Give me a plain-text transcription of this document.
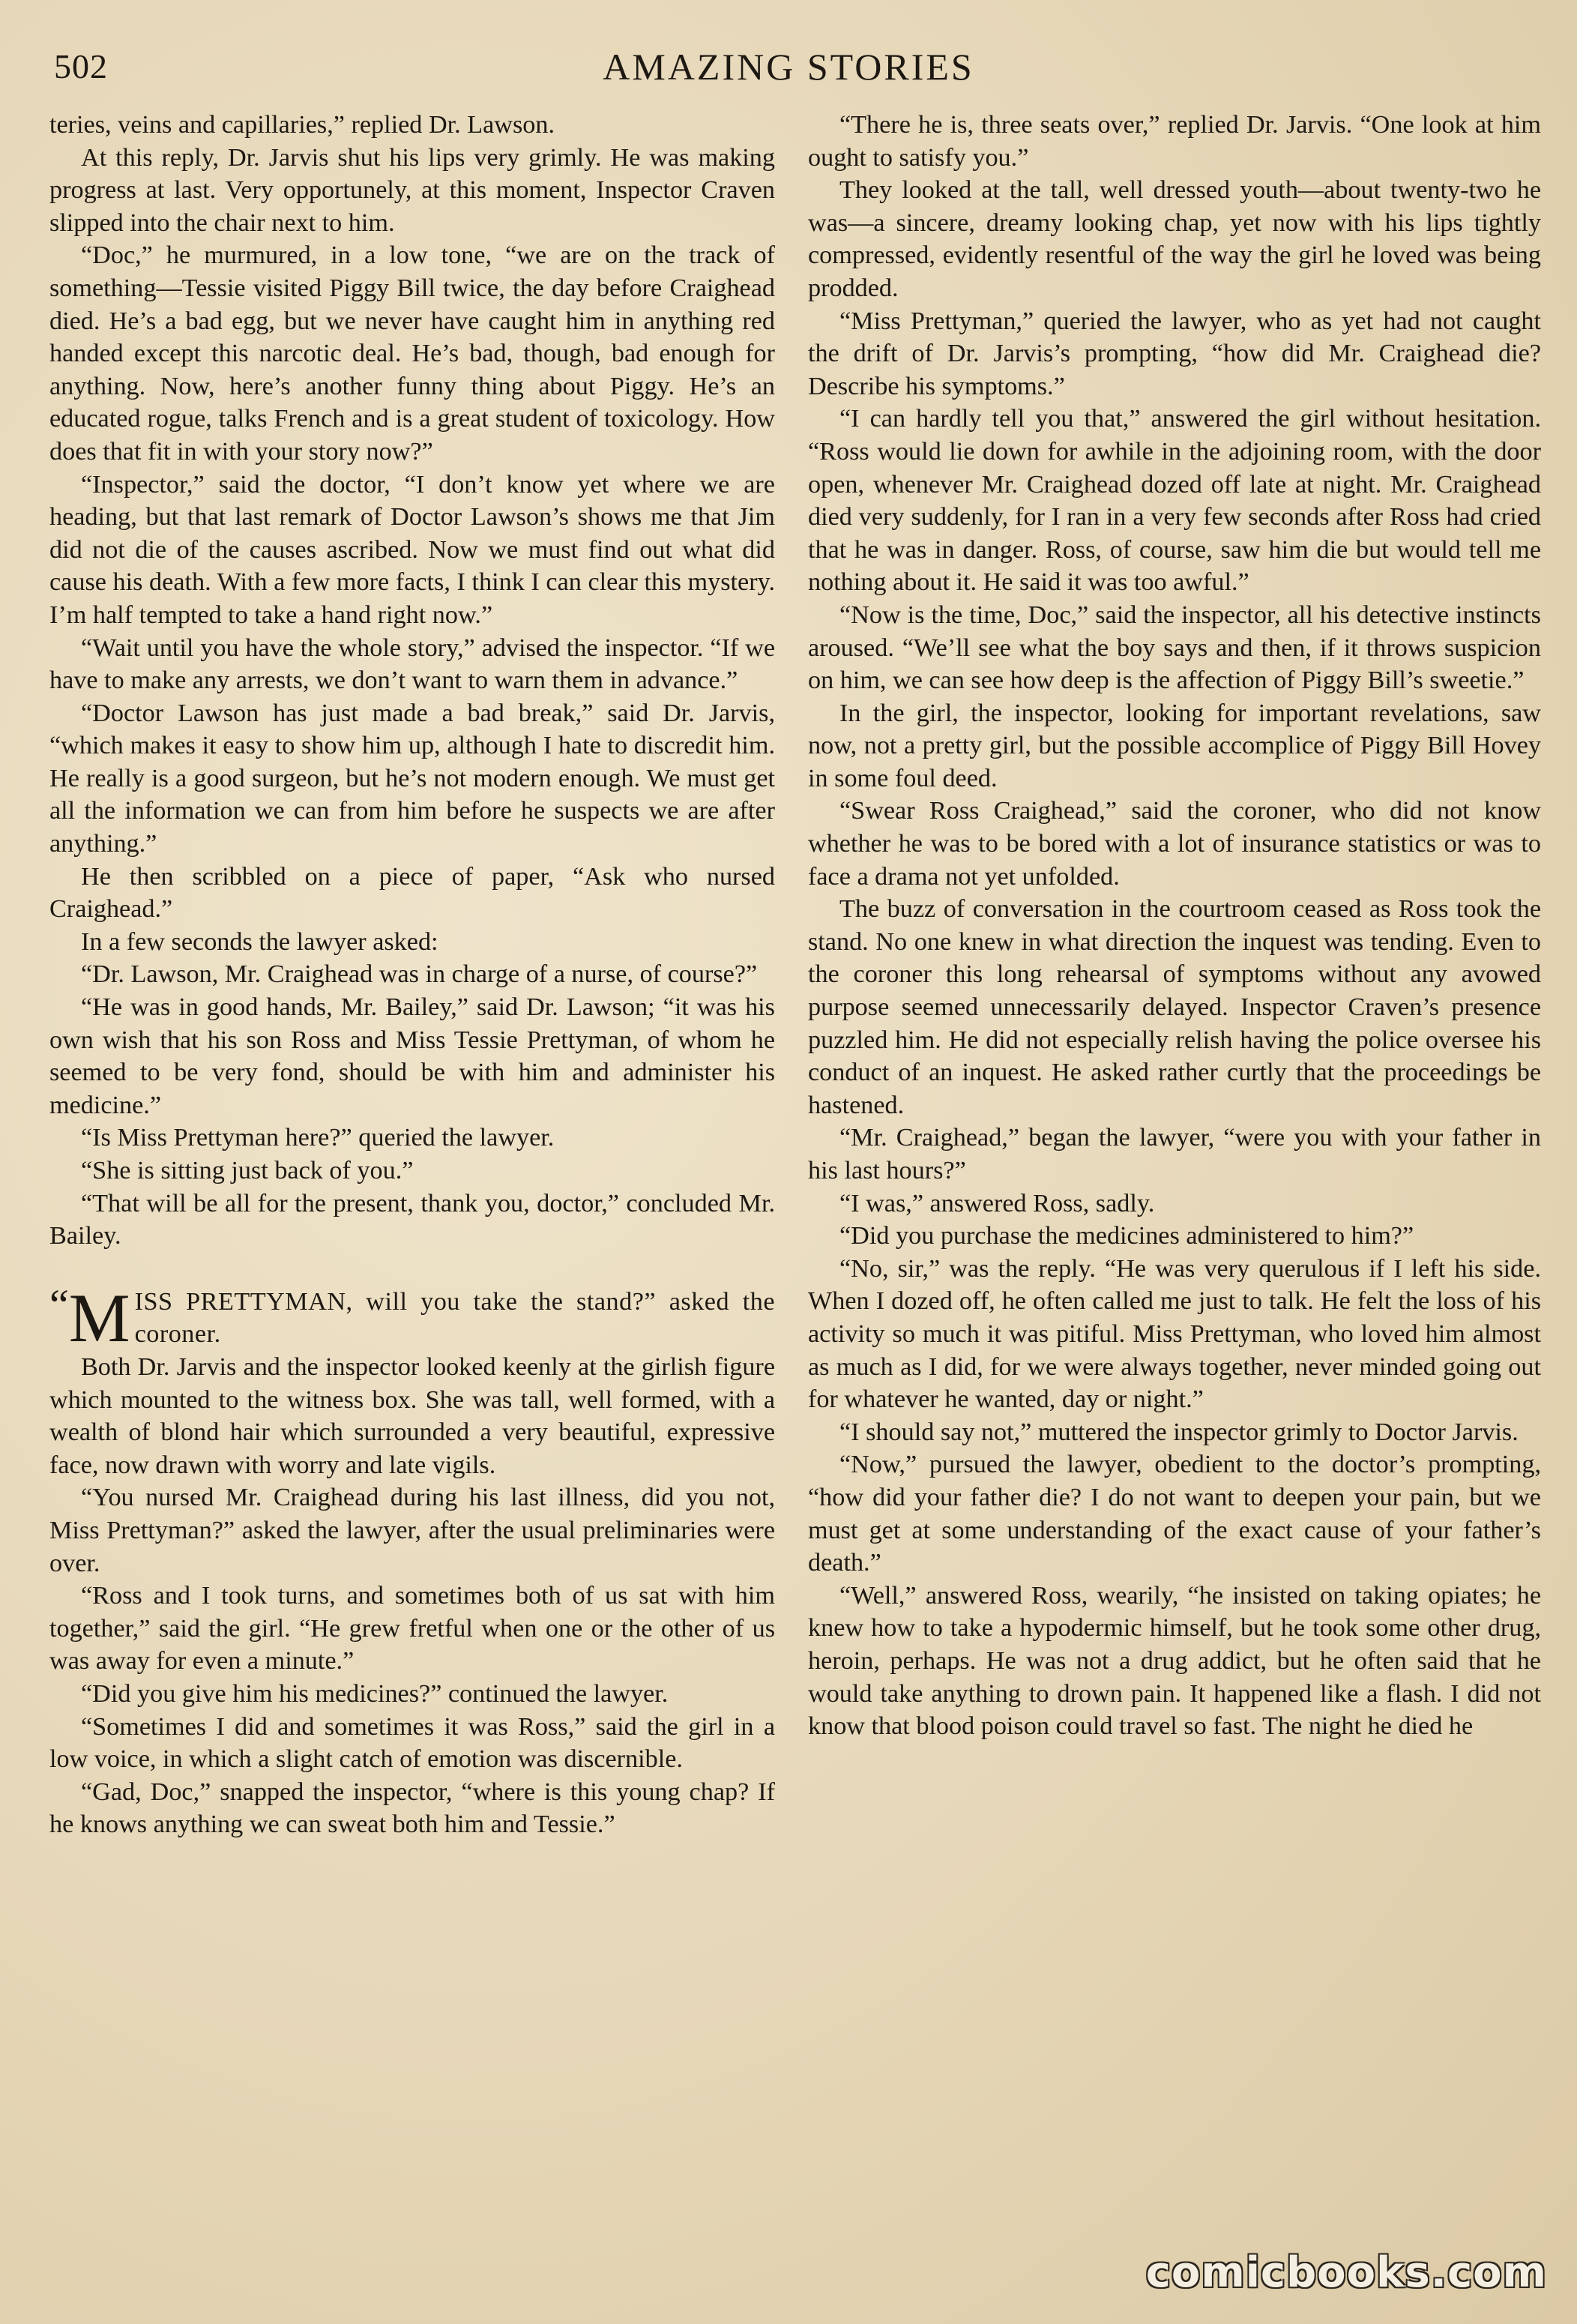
502	AMAZING STORIES

teries, veins and capillaries,” replied Dr. Lawson.

At this reply, Dr. Jarvis shut his lips very grimly. He was making progress at last. Very opportunely, at this moment, Inspector Craven slipped into the chair next to him.

“Doc,” he murmured, in a low tone, “we are on the track of something—Tessie visited Piggy Bill twice, the day before Craighead died. He’s a bad egg, but we never have caught him in anything red handed except this narcotic deal. He’s bad, though, bad enough for anything. Now, here’s another funny thing about Piggy. He’s an educated rogue, talks French and is a great student of toxicology. How does that fit in with your story now?”

“Inspector,” said the doctor, “I don’t know yet where we are heading, but that last remark of Doctor Lawson’s shows me that Jim did not die of the causes ascribed. Now we must find out what did cause his death. With a few more facts, I think I can clear this mystery. I’m half tempted to take a hand right now.”

“Wait until you have the whole story,” advised the inspector. “If we have to make any arrests, we don’t want to warn them in advance.”

“Doctor Lawson has just made a bad break,” said Dr. Jarvis, “which makes it easy to show him up, although I hate to discredit him. He really is a good surgeon, but he’s not modern enough. We must get all the information we can from him before he suspects we are after anything.”

He then scribbled on a piece of paper, “Ask who nursed Craighead.”

In a few seconds the lawyer asked:

“Dr. Lawson, Mr. Craighead was in charge of a nurse, of course?”

“He was in good hands, Mr. Bailey,” said Dr. Lawson; “it was his own wish that his son Ross and Miss Tessie Prettyman, of whom he seemed to be very fond, should be with him and administer his medicine.”

“Is Miss Prettyman here?” queried the lawyer.

“She is sitting just back of you.”

“That will be all for the present, thank you, doctor,” concluded Mr. Bailey.

“M ISS PRETTYMAN, will you take the stand?” asked the coroner.

Both Dr. Jarvis and the inspector looked keenly at the girlish figure which mounted to the witness box. She was tall, well formed, with a wealth of blond hair which surrounded a very beautiful, expressive face, now drawn with worry and late vigils.

“You nursed Mr. Craighead during his last illness, did you not, Miss Prettyman?” asked the lawyer, after the usual preliminaries were over.

“Ross and I took turns, and sometimes both of us sat with him together,” said the girl. “He grew fretful when one or the other of us was away for even a minute.”

“Did you give him his medicines?” continued the lawyer.

“Sometimes I did and sometimes it was Ross,” said the girl in a low voice, in which a slight catch of emotion was discernible.

“Gad, Doc,” snapped the inspector, “where is this young chap? If he knows anything we can sweat both him and Tessie.”

“There he is, three seats over,” replied Dr. Jarvis. “One look at him ought to satisfy you.”

They looked at the tall, well dressed youth—about twenty-two he was—a sincere, dreamy looking chap, yet now with his lips tightly compressed, evidently resentful of the way the girl he loved was being prodded.

“Miss Prettyman,” queried the lawyer, who as yet had not caught the drift of Dr. Jarvis’s prompting, “how did Mr. Craighead die? Describe his symptoms.”

“I can hardly tell you that,” answered the girl without hesitation. “Ross would lie down for awhile in the adjoining room, with the door open, whenever Mr. Craighead dozed off late at night. Mr. Craighead died very suddenly, for I ran in a very few seconds after Ross had cried that he was in danger. Ross, of course, saw him die but would tell me nothing about it. He said it was too awful.”

“Now is the time, Doc,” said the inspector, all his detective instincts aroused. “We’ll see what the boy says and then, if it throws suspicion on him, we can see how deep is the affection of Piggy Bill’s sweetie.”

In the girl, the inspector, looking for important revelations, saw now, not a pretty girl, but the possible accomplice of Piggy Bill Hovey in some foul deed.

“Swear Ross Craighead,” said the coroner, who did not know whether he was to be bored with a lot of insurance statistics or was to face a drama not yet unfolded.

The buzz of conversation in the courtroom ceased as Ross took the stand. No one knew in what direction the inquest was tending. Even to the coroner this long rehearsal of symptoms without any avowed purpose seemed unnecessarily delayed. Inspector Craven’s presence puzzled him. He did not especially relish having the police oversee his conduct of an inquest. He asked rather curtly that the proceedings be hastened.

“Mr. Craighead,” began the lawyer, “were you with your father in his last hours?”

“I was,” answered Ross, sadly.

“Did you purchase the medicines administered to him?”

“No, sir,” was the reply. “He was very querulous if I left his side. When I dozed off, he often called me just to talk. He felt the loss of his activity so much it was pitiful. Miss Prettyman, who loved him almost as much as I did, for we were always together, never minded going out for whatever he wanted, day or night.”

“I should say not,” muttered the inspector grimly to Doctor Jarvis.

“Now,” pursued the lawyer, obedient to the doctor’s prompting, “how did your father die? I do not want to deepen your pain, but we must get at some understanding of the exact cause of your father’s death.”

“Well,” answered Ross, wearily, “he insisted on taking opiates; he knew how to take a hypodermic himself, but he took some other drug, heroin, perhaps. He was not a drug addict, but he often said that he would take anything to drown pain. It happened like a flash. I did not know that blood poison could travel so fast. The night he died he

comicbooks.com
